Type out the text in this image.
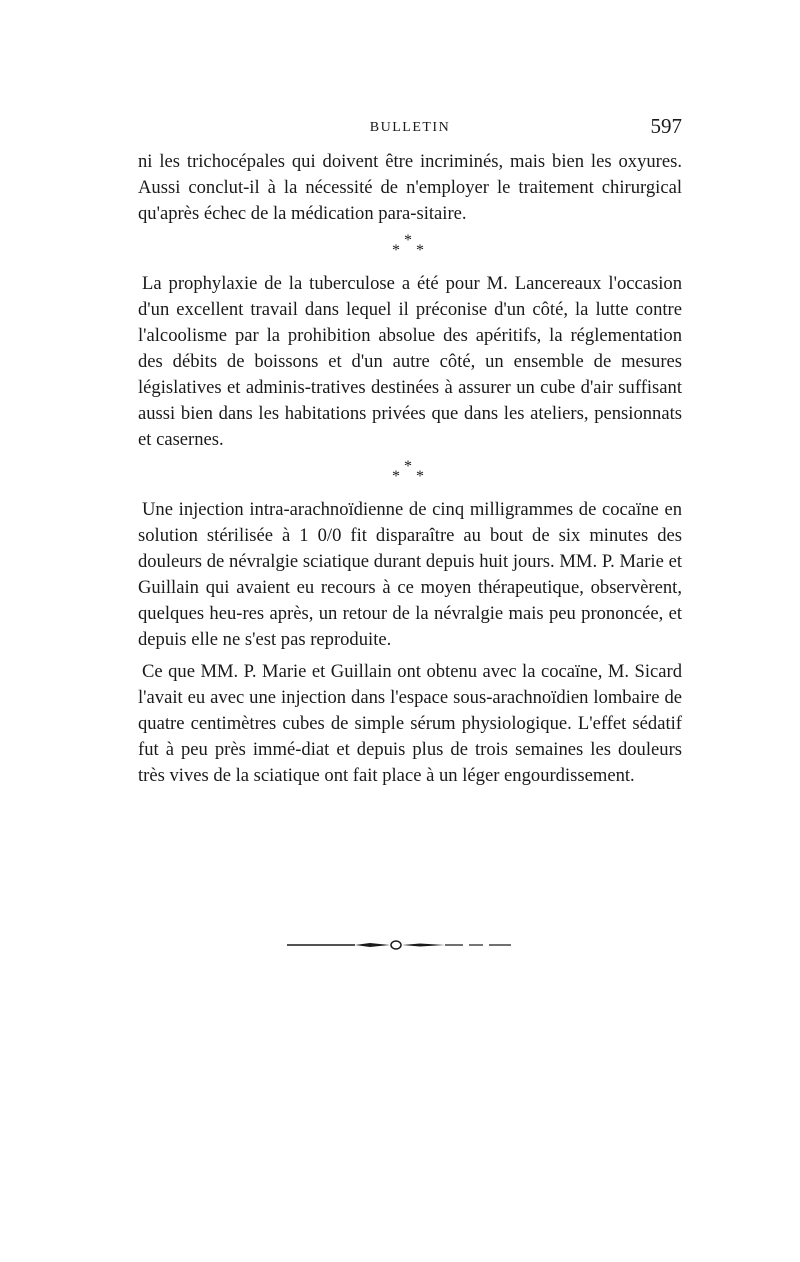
BULLETIN	597

ni les trichocépales qui doivent être incriminés, mais bien les oxyures. Aussi conclut-il à la nécessité de n'employer le traitement chirurgical qu'après échec de la médication para-sitaire.

*
* *

La prophylaxie de la tuberculose a été pour M. Lancereaux l'occasion d'un excellent travail dans lequel il préconise d'un côté, la lutte contre l'alcoolisme par la prohibition absolue des apéritifs, la réglementation des débits de boissons et d'un autre côté, un ensemble de mesures législatives et adminis-tratives destinées à assurer un cube d'air suffisant aussi bien dans les habitations privées que dans les ateliers, pensionnats et casernes.

*
* *

Une injection intra-arachnoïdienne de cinq milligrammes de cocaïne en solution stérilisée à 1 0/0 fit disparaître au bout de six minutes des douleurs de névralgie sciatique durant depuis huit jours. MM. P. Marie et Guillain qui avaient eu recours à ce moyen thérapeutique, observèrent, quelques heu-res après, un retour de la névralgie mais peu prononcée, et depuis elle ne s'est pas reproduite.

Ce que MM. P. Marie et Guillain ont obtenu avec la cocaïne, M. Sicard l'avait eu avec une injection dans l'espace sous-arachnoïdien lombaire de quatre centimètres cubes de simple sérum physiologique. L'effet sédatif fut à peu près immé-diat et depuis plus de trois semaines les douleurs très vives de la sciatique ont fait place à un léger engourdissement.
